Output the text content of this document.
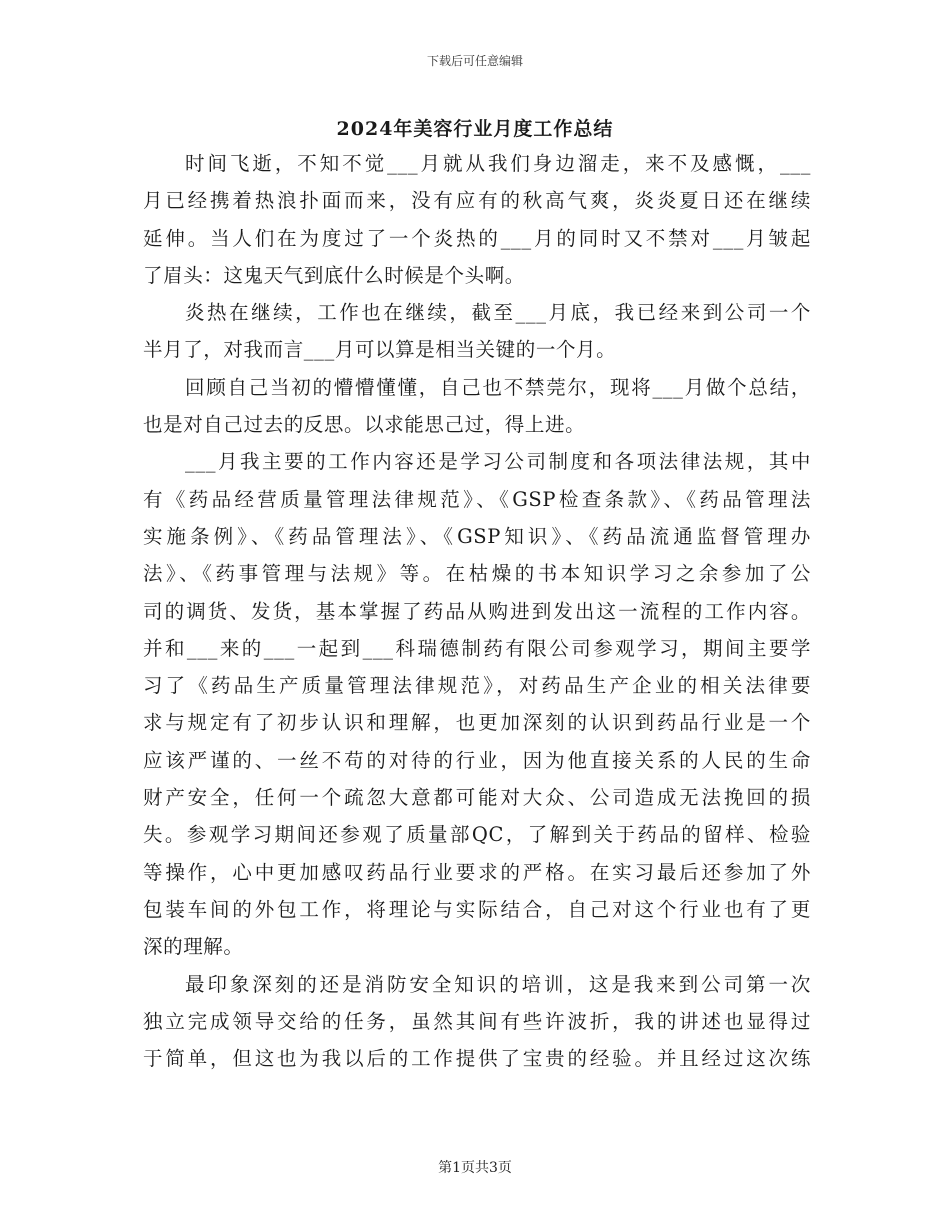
下载后可任意编辑
2024年美容行业月度工作总结
时间飞逝，不知不觉___月就从我们身边溜走，来不及感慨，___
月已经携着热浪扑面而来，没有应有的秋高气爽，炎炎夏日还在继续
延伸。当人们在为度过了一个炎热的___月的同时又不禁对___月皱起
了眉头：这鬼天气到底什么时候是个头啊。
炎热在继续，工作也在继续，截至___月底，我已经来到公司一个
半月了，对我而言___月可以算是相当关键的一个月。
回顾自己当初的懵懵懂懂，自己也不禁莞尔，现将___月做个总结，
也是对自己过去的反思。以求能思己过，得上进。
___月我主要的工作内容还是学习公司制度和各项法律法规，其中
有《药品经营质量管理法律规范》、《GSP检查条款》、《药品管理法
实施条例》、《药品管理法》、《GSP知识》、《药品流通监督管理办
法》、《药事管理与法规》等。在枯燥的书本知识学习之余参加了公
司的调货、发货，基本掌握了药品从购进到发出这一流程的工作内容。
并和___来的___一起到___科瑞德制药有限公司参观学习，期间主要学
习了《药品生产质量管理法律规范》，对药品生产企业的相关法律要
求与规定有了初步认识和理解，也更加深刻的认识到药品行业是一个
应该严谨的、一丝不苟的对待的行业，因为他直接关系的人民的生命
财产安全，任何一个疏忽大意都可能对大众、公司造成无法挽回的损
失。参观学习期间还参观了质量部QC，了解到关于药品的留样、检验
等操作，心中更加感叹药品行业要求的严格。在实习最后还参加了外
包装车间的外包工作，将理论与实际结合，自己对这个行业也有了更
深的理解。
最印象深刻的还是消防安全知识的培训，这是我来到公司第一次
独立完成领导交给的任务，虽然其间有些许波折，我的讲述也显得过
于简单，但这也为我以后的工作提供了宝贵的经验。并且经过这次练
第1页共3页
